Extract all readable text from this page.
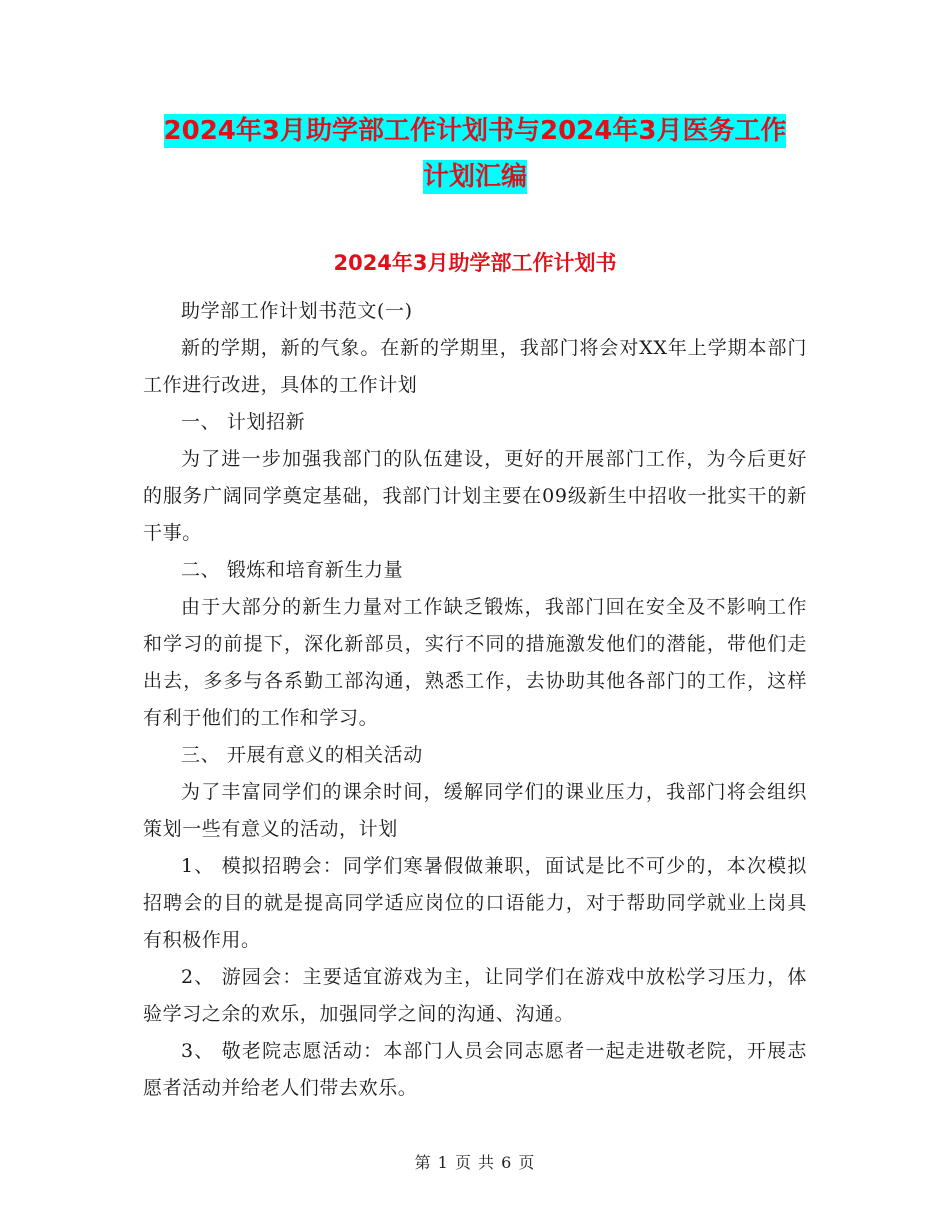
2024年3月助学部工作计划书与2024年3月医务工作
计划汇编
2024年3月助学部工作计划书

助学部工作计划书范文(一)

新的学期，新的气象。在新的学期里，我部门将会对XX年上学期本部门工作进行改进，具体的工作计划

一、 计划招新

为了进一步加强我部门的队伍建设，更好的开展部门工作，为今后更好的服务广阔同学奠定基础，我部门计划主要在09级新生中招收一批实干的新干事。

二、 锻炼和培育新生力量

由于大部分的新生力量对工作缺乏锻炼，我部门回在安全及不影响工作和学习的前提下，深化新部员，实行不同的措施激发他们的潜能，带他们走出去，多多与各系勤工部沟通，熟悉工作，去协助其他各部门的工作，这样有利于他们的工作和学习。

三、 开展有意义的相关活动

为了丰富同学们的课余时间，缓解同学们的课业压力，我部门将会组织策划一些有意义的活动，计划

1、 模拟招聘会：同学们寒暑假做兼职，面试是比不可少的，本次模拟招聘会的目的就是提高同学适应岗位的口语能力，对于帮助同学就业上岗具有积极作用。

2、 游园会：主要适宜游戏为主，让同学们在游戏中放松学习压力，体验学习之余的欢乐，加强同学之间的沟通、沟通。

3、 敬老院志愿活动：本部门人员会同志愿者一起走进敬老院，开展志愿者活动并给老人们带去欢乐。

第 1 页 共 6 页
